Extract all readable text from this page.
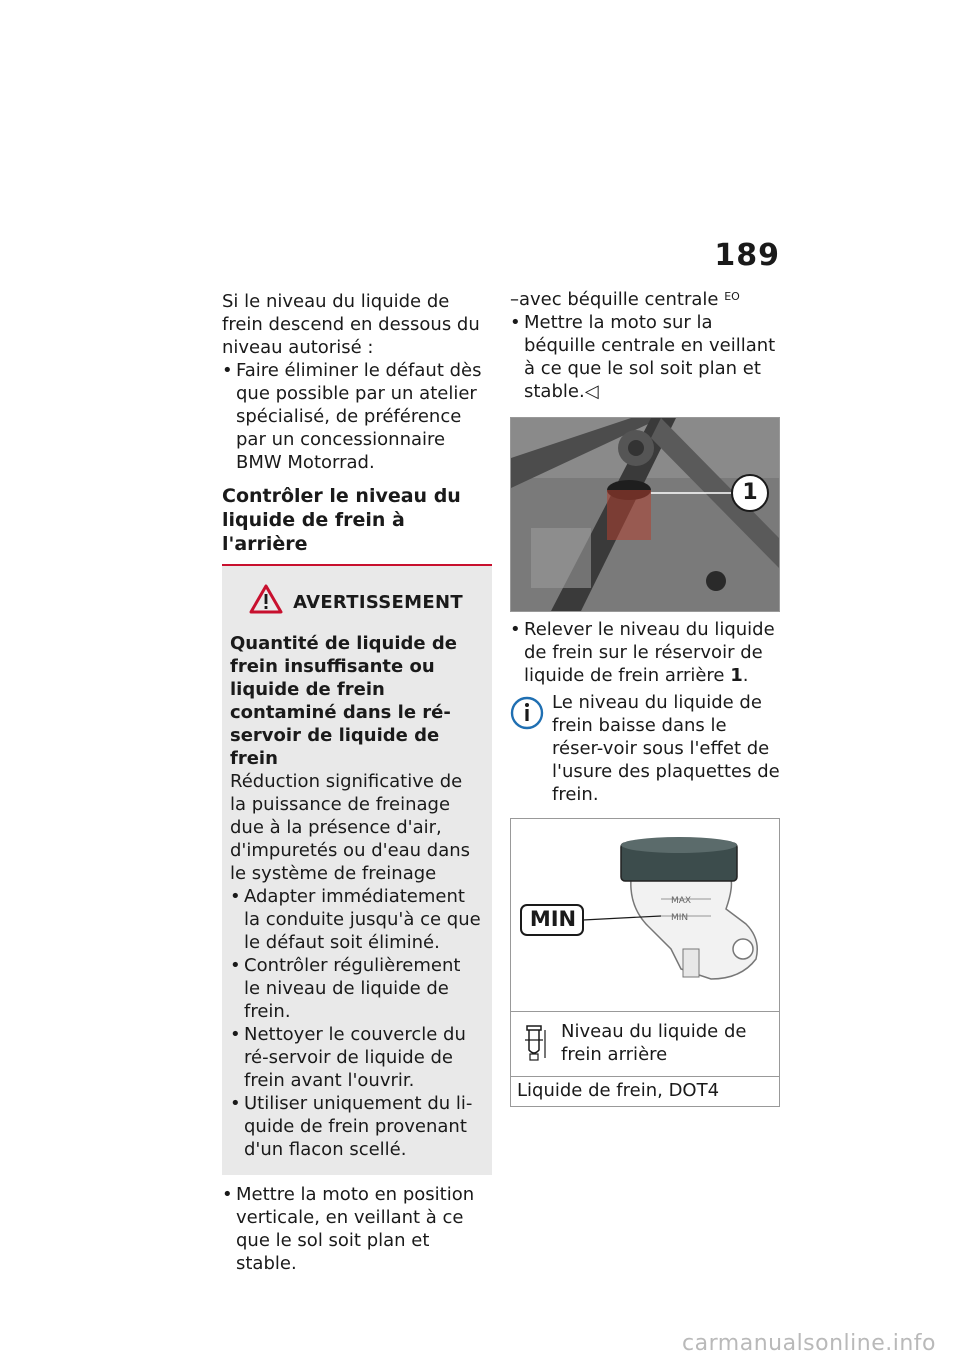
189

Si le niveau du liquide de frein descend en dessous du niveau autorisé :

• Faire éliminer le défaut dès que possible par un atelier spécialisé, de préférence par un concessionnaire BMW Motorrad.

Contrôler le niveau du liquide de frein à l'arrière
AVERTISSEMENT
Quantité de liquide de frein insuffisante ou liquide de frein contaminé dans le ré-servoir de liquide de frein
Réduction significative de la puissance de freinage due à la présence d'air, d'impuretés ou d'eau dans le système de freinage

• Adapter immédiatement la conduite jusqu'à ce que le défaut soit éliminé.

• Contrôler régulièrement le niveau de liquide de frein.

• Nettoyer le couvercle du ré-servoir de liquide de frein avant l'ouvrir.

• Utiliser uniquement du li-quide de frein provenant d'un flacon scellé.

• Mettre la moto en position verticale, en veillant à ce que le sol soit plan et stable.

–avec béquille centrale $^{EO}$

• Mettre la moto sur la béquille centrale en veillant à ce que le sol soit plan et stable.◁

1

• Relever le niveau du liquide de frein sur le réservoir de liquide de frein arrière 1.

Le niveau du liquide de frein baisse dans le réser-voir sous l'effet de l'usure des plaquettes de frein.
MIN
MAX
MIN
Niveau du liquide de frein arrière
Liquide de frein, DOT4
carmanualsonline.info
